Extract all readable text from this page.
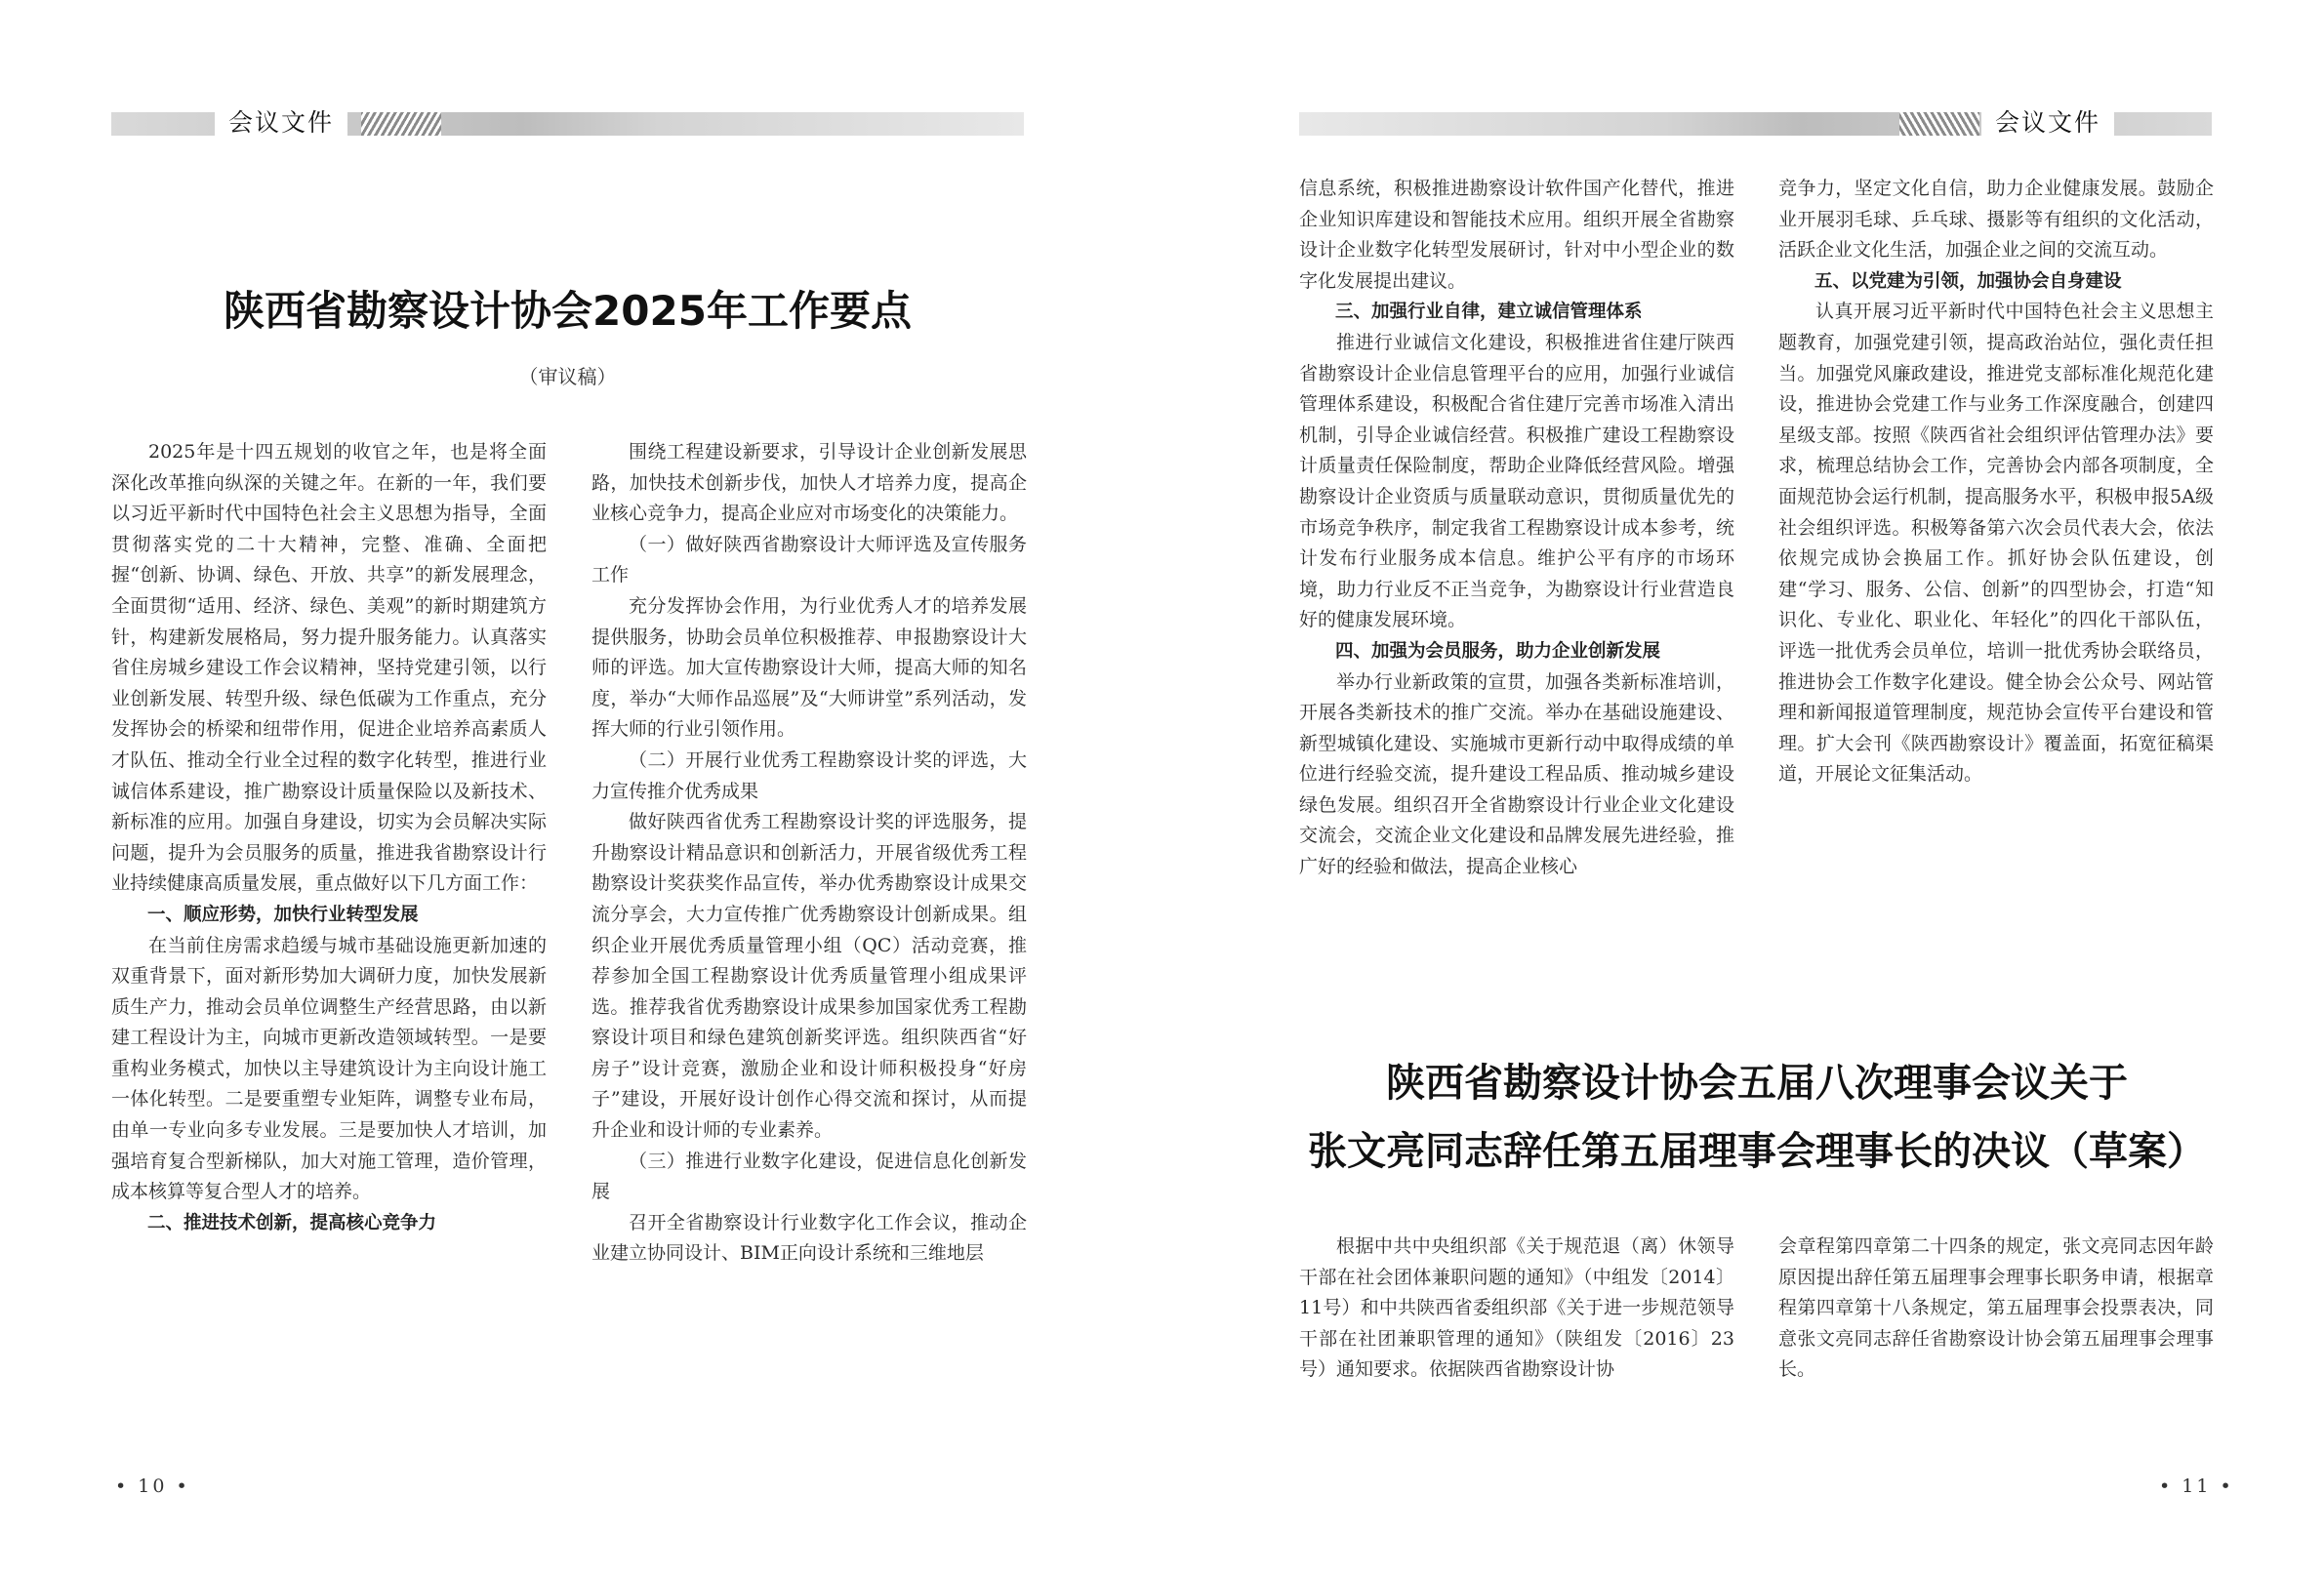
会议文件	会议文件
陕西省勘察设计协会2025年工作要点
（审议稿）

2025年是十四五规划的收官之年，也是将全面深化改革推向纵深的关键之年。在新的一年，我们要以习近平新时代中国特色社会主义思想为指导，全面贯彻落实党的二十大精神，完整、准确、全面把握“创新、协调、绿色、开放、共享”的新发展理念，全面贯彻“适用、经济、绿色、美观”的新时期建筑方针，构建新发展格局，努力提升服务能力。认真落实省住房城乡建设工作会议精神，坚持党建引领，以行业创新发展、转型升级、绿色低碳为工作重点，充分发挥协会的桥梁和纽带作用，促进企业培养高素质人才队伍、推动全行业全过程的数字化转型，推进行业诚信体系建设，推广勘察设计质量保险以及新技术、新标准的应用。加强自身建设，切实为会员解决实际问题，提升为会员服务的质量，推进我省勘察设计行业持续健康高质量发展，重点做好以下几方面工作：

一、顺应形势，加快行业转型发展

在当前住房需求趋缓与城市基础设施更新加速的双重背景下，面对新形势加大调研力度，加快发展新质生产力，推动会员单位调整生产经营思路，由以新建工程设计为主，向城市更新改造领域转型。一是要重构业务模式，加快以主导建筑设计为主向设计施工一体化转型。二是要重塑专业矩阵，调整专业布局，由单一专业向多专业发展。三是要加快人才培训，加强培育复合型新梯队，加大对施工管理，造价管理，成本核算等复合型人才的培养。

二、推进技术创新，提高核心竞争力

围绕工程建设新要求，引导设计企业创新发展思路，加快技术创新步伐，加快人才培养力度，提高企业核心竞争力，提高企业应对市场变化的决策能力。

（一）做好陕西省勘察设计大师评选及宣传服务工作

充分发挥协会作用，为行业优秀人才的培养发展提供服务，协助会员单位积极推荐、申报勘察设计大师的评选。加大宣传勘察设计大师，提高大师的知名度，举办“大师作品巡展”及“大师讲堂”系列活动，发挥大师的行业引领作用。

（二）开展行业优秀工程勘察设计奖的评选，大力宣传推介优秀成果

做好陕西省优秀工程勘察设计奖的评选服务，提升勘察设计精品意识和创新活力，开展省级优秀工程勘察设计奖获奖作品宣传，举办优秀勘察设计成果交流分享会，大力宣传推广优秀勘察设计创新成果。组织企业开展优秀质量管理小组（QC）活动竞赛，推荐参加全国工程勘察设计优秀质量管理小组成果评选。推荐我省优秀勘察设计成果参加国家优秀工程勘察设计项目和绿色建筑创新奖评选。组织陕西省“好房子”设计竞赛，激励企业和设计师积极投身“好房子”建设，开展好设计创作心得交流和探讨，从而提升企业和设计师的专业素养。

（三）推进行业数字化建设，促进信息化创新发展

召开全省勘察设计行业数字化工作会议，推动企业建立协同设计、BIM正向设计系统和三维地层

• 10 •

信息系统，积极推进勘察设计软件国产化替代，推进企业知识库建设和智能技术应用。组织开展全省勘察设计企业数字化转型发展研讨，针对中小型企业的数字化发展提出建议。

三、加强行业自律，建立诚信管理体系

推进行业诚信文化建设，积极推进省住建厅陕西省勘察设计企业信息管理平台的应用，加强行业诚信管理体系建设，积极配合省住建厅完善市场准入清出机制，引导企业诚信经营。积极推广建设工程勘察设计质量责任保险制度，帮助企业降低经营风险。增强勘察设计企业资质与质量联动意识，贯彻质量优先的市场竞争秩序，制定我省工程勘察设计成本参考，统计发布行业服务成本信息。维护公平有序的市场环境，助力行业反不正当竞争，为勘察设计行业营造良好的健康发展环境。

四、加强为会员服务，助力企业创新发展

举办行业新政策的宣贯，加强各类新标准培训，开展各类新技术的推广交流。举办在基础设施建设、新型城镇化建设、实施城市更新行动中取得成绩的单位进行经验交流，提升建设工程品质、推动城乡建设绿色发展。组织召开全省勘察设计行业企业文化建设交流会，交流企业文化建设和品牌发展先进经验，推广好的经验和做法，提高企业核心

竞争力，坚定文化自信，助力企业健康发展。鼓励企业开展羽毛球、乒乓球、摄影等有组织的文化活动，活跃企业文化生活，加强企业之间的交流互动。

五、以党建为引领，加强协会自身建设

认真开展习近平新时代中国特色社会主义思想主题教育，加强党建引领，提高政治站位，强化责任担当。加强党风廉政建设，推进党支部标准化规范化建设，推进协会党建工作与业务工作深度融合，创建四星级支部。按照《陕西省社会组织评估管理办法》要求，梳理总结协会工作，完善协会内部各项制度，全面规范协会运行机制，提高服务水平，积极申报5A级社会组织评选。积极筹备第六次会员代表大会，依法依规完成协会换届工作。抓好协会队伍建设，创建“学习、服务、公信、创新”的四型协会，打造“知识化、专业化、职业化、年轻化”的四化干部队伍，评选一批优秀会员单位，培训一批优秀协会联络员，推进协会工作数字化建设。健全协会公众号、网站管理和新闻报道管理制度，规范协会宣传平台建设和管理。扩大会刊《陕西勘察设计》覆盖面，拓宽征稿渠道，开展论文征集活动。

陕西省勘察设计协会五届八次理事会议关于
张文亮同志辞任第五届理事会理事长的决议（草案）

根据中共中央组织部《关于规范退（离）休领导干部在社会团体兼职问题的通知》（中组发〔2014〕11号）和中共陕西省委组织部《关于进一步规范领导干部在社团兼职管理的通知》（陕组发〔2016〕23号）通知要求。依据陕西省勘察设计协

会章程第四章第二十四条的规定，张文亮同志因年龄原因提出辞任第五届理事会理事长职务申请，根据章程第四章第十八条规定，第五届理事会投票表决，同意张文亮同志辞任省勘察设计协会第五届理事会理事长。

• 11 •
